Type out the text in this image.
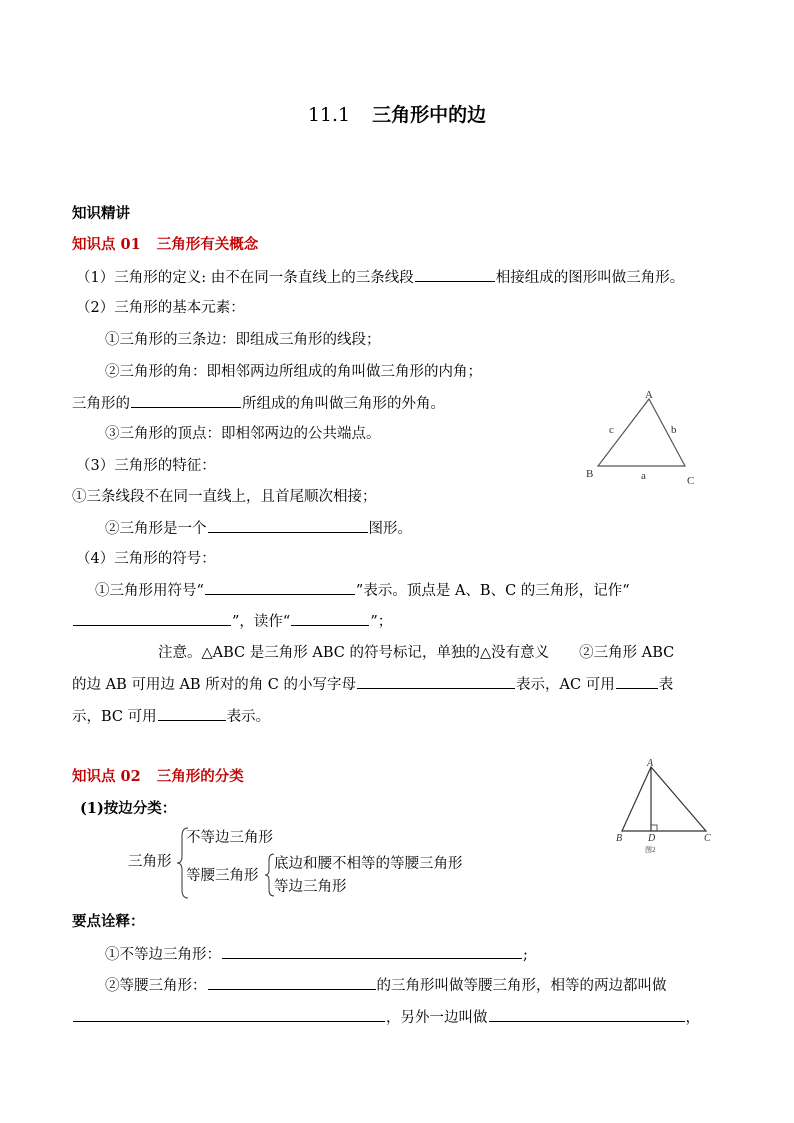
11.1 三角形中的边
知识精讲
知识点 01 三角形有关概念
（1）三角形的定义: 由不在同一条直线上的三条线段	相接组成的图形叫做三角形。
（2）三角形的基本元素：
①三角形的三条边：即组成三角形的线段；
②三角形的角：即相邻两边所组成的角叫做三角形的内角；
三角形的	所组成的角叫做三角形的外角。
③三角形的顶点：即相邻两边的公共端点。
（3）三角形的特征：
①三条线段不在同一直线上，且首尾顺次相接；
②三角形是一个	图形。
（4）三角形的符号：
①三角形用符号“	”表示。顶点是 A、B、C 的三角形，记作“
”，读作“	”；
注意。△ABC 是三角形 ABC 的符号标记，单独的△没有意义 ②三角形 ABC
的边 AB 可用边 AB 所对的角 C 的小写字母	表示，AC 可用	表
示，BC 可用	表示。
A
B
C
a
b
c
知识点 02 三角形的分类
(1)按边分类：
三角形
不等边三角形
等腰三角形
底边和腰不相等的等腰三角形
等边三角形
A
B	D	C
图2
要点诠释：
①不等边三角形：	;
②等腰三角形：	的三角形叫做等腰三角形，相等的两边都叫做
，另外一边叫做	，
